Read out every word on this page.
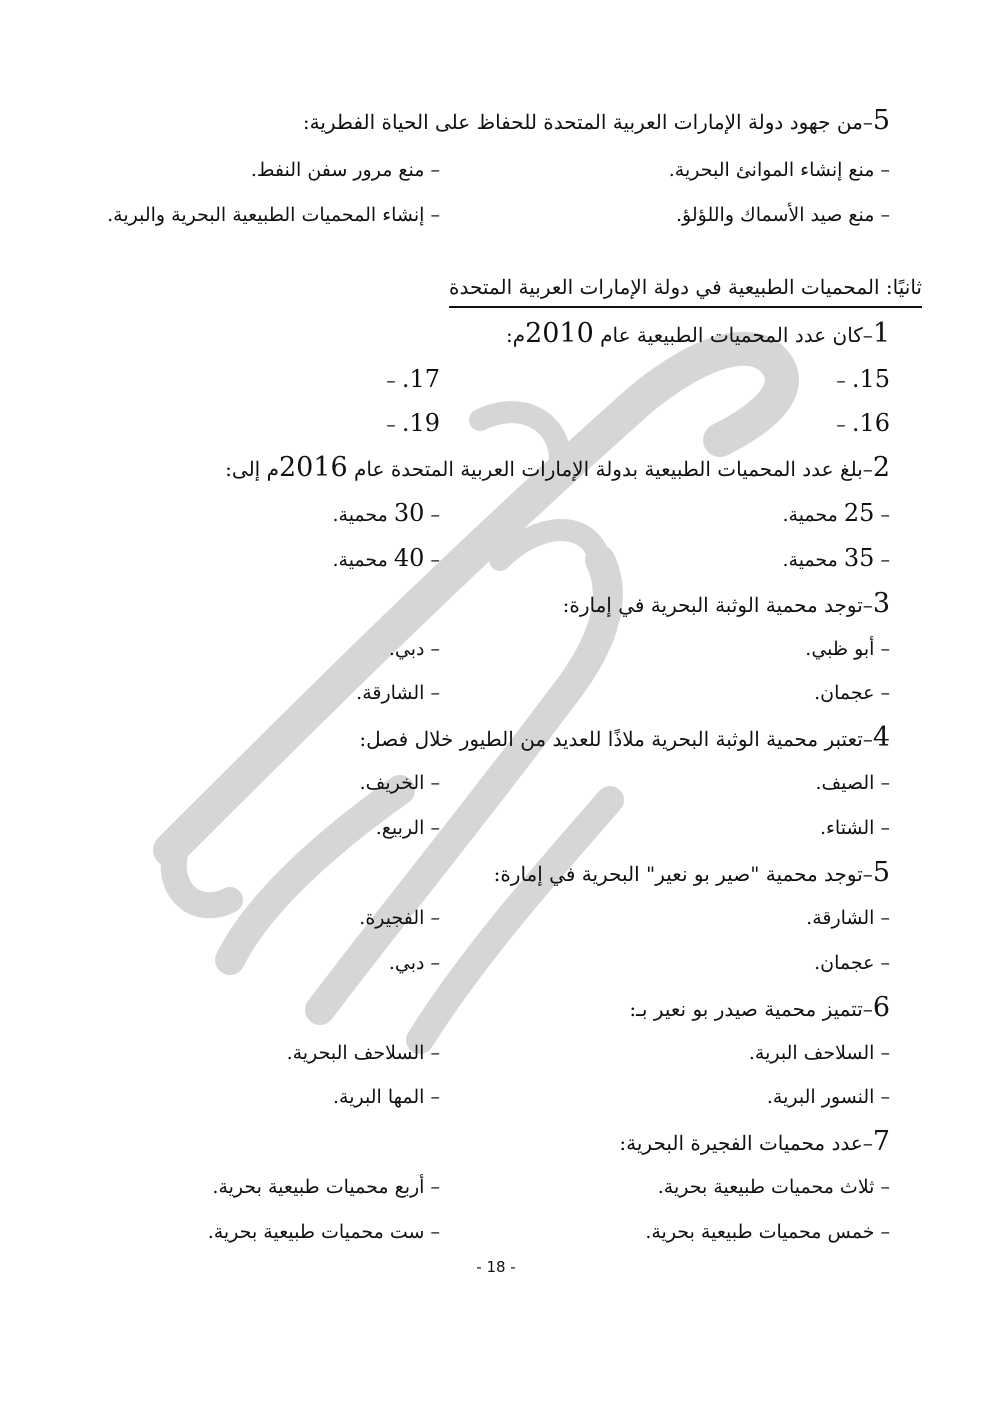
5–من جهود دولة الإمارات العربية المتحدة للحفاظ على الحياة الفطرية:
– منع إنشاء الموانئ البحرية.
– منع مرور سفن النفط.
– منع صيد الأسماك واللؤلؤ.
– إنشاء المحميات الطبيعية البحرية والبرية.
ثانيًا: المحميات الطبيعية في دولة الإمارات العربية المتحدة
1–كان عدد المحميات الطبيعية عام 2010م:
– .15
– .17
– .16
– .19
2–بلغ عدد المحميات الطبيعية بدولة الإمارات العربية المتحدة عام 2016م إلى:
– 25 محمية.
– 30 محمية.
– 35 محمية.
– 40 محمية.
3–توجد محمية الوثبة البحرية في إمارة:
– أبو ظبي.
– دبي.
– عجمان.
– الشارقة.
4–تعتبر محمية الوثبة البحرية ملاذًا للعديد من الطيور خلال فصل:
– الصيف.
– الخريف.
– الشتاء.
– الربيع.
5–توجد محمية "صير بو نعير" البحرية في إمارة:
– الشارقة.
– الفجيرة.
– عجمان.
– دبي.
6–تتميز محمية صيدر بو نعير بـ:
– السلاحف البرية.
– السلاحف البحرية.
– النسور البرية.
– المها البرية.
7–عدد محميات الفجيرة البحرية:
– ثلاث محميات طبيعية بحرية.
– أربع محميات طبيعية بحرية.
– خمس محميات طبيعية بحرية.
– ست محميات طبيعية بحرية.
- 18 -
